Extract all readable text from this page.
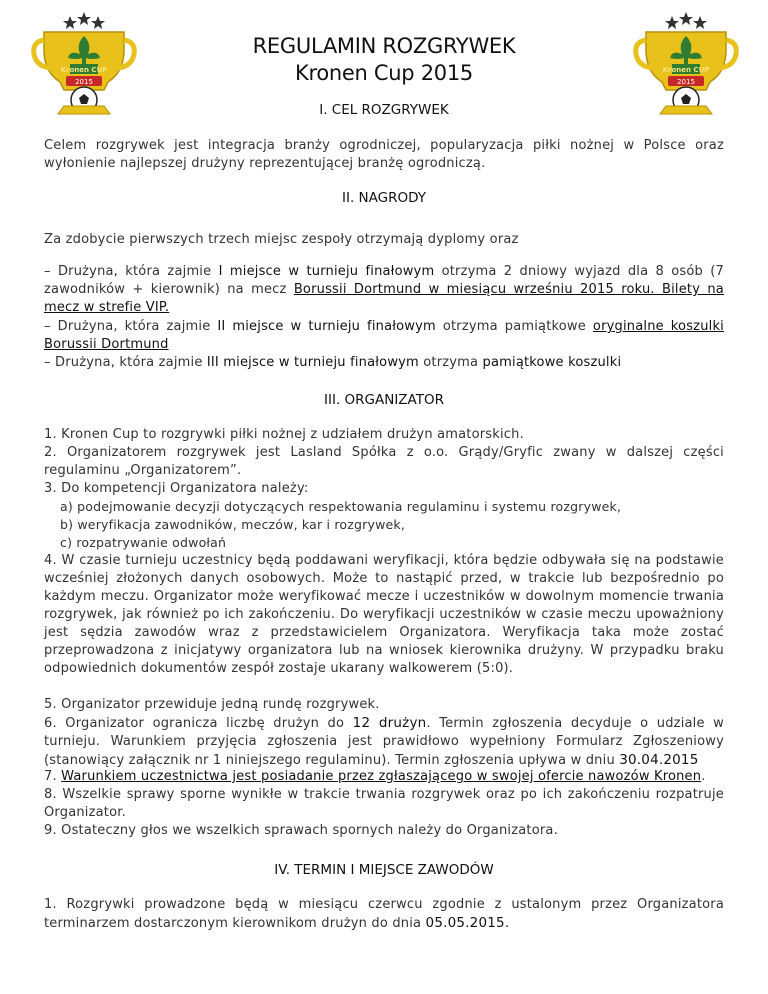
Kronen CUP
2015
Kronen CUP
2015
REGULAMIN ROZGRYWEK
Kronen Cup 2015
I. CEL ROZGRYWEK
Celem rozgrywek jest integracja branży ogrodniczej, popularyzacja piłki nożnej w Polsce oraz wyłonienie najlepszej drużyny reprezentującej branżę ogrodniczą.
II. NAGRODY
Za zdobycie pierwszych trzech miejsc zespoły otrzymają dyplomy oraz
– Drużyna, która zajmie I miejsce w turnieju finałowym otrzyma 2 dniowy wyjazd dla 8 osób (7 zawodników + kierownik) na mecz Borussii Dortmund w miesiącu wrześniu 2015 roku. Bilety na mecz w strefie VIP.
– Drużyna, która zajmie II miejsce w turnieju finałowym otrzyma pamiątkowe oryginalne koszulki Borussii Dortmund
– Drużyna, która zajmie III miejsce w turnieju finałowym otrzyma pamiątkowe koszulki
III. ORGANIZATOR
1. Kronen Cup to rozgrywki piłki nożnej z udziałem drużyn amatorskich.
2. Organizatorem rozgrywek jest Lasland Spółka z o.o. Grądy/Gryfic zwany w dalszej części regulaminu „Organizatorem”.
3. Do kompetencji Organizatora należy:
a) podejmowanie decyzji dotyczących respektowania regulaminu i systemu rozgrywek,
b) weryfikacja zawodników, meczów, kar i rozgrywek,
c) rozpatrywanie odwołań
4. W czasie turnieju uczestnicy będą poddawani weryfikacji, która będzie odbywała się na podstawie wcześniej złożonych danych osobowych. Może to nastąpić przed, w trakcie lub bezpośrednio po każdym meczu. Organizator może weryfikować mecze i uczestników w dowolnym momencie trwania rozgrywek, jak również po ich zakończeniu. Do weryfikacji uczestników w czasie meczu upoważniony jest sędzia zawodów wraz z przedstawicielem Organizatora. Weryfikacja taka może zostać przeprowadzona z inicjatywy organizatora lub na wniosek kierownika drużyny. W przypadku braku odpowiednich dokumentów zespół zostaje ukarany walkowerem (5:0).
5. Organizator przewiduje jedną rundę rozgrywek.
6. Organizator ogranicza liczbę drużyn do 12 drużyn. Termin zgłoszenia decyduje o udziale w turnieju. Warunkiem przyjęcia zgłoszenia jest prawidłowo wypełniony Formularz Zgłoszeniowy (stanowiący załącznik nr 1 niniejszego regulaminu). Termin zgłoszenia upływa w dniu 30.04.2015
7. Warunkiem uczestnictwa jest posiadanie przez zgłaszającego w swojej ofercie nawozów Kronen.
8. Wszelkie sprawy sporne wynikłe w trakcie trwania rozgrywek oraz po ich zakończeniu rozpatruje Organizator.
9. Ostateczny głos we wszelkich sprawach spornych należy do Organizatora.
IV. TERMIN I MIEJSCE ZAWODÓW
1. Rozgrywki prowadzone będą w miesiącu czerwcu zgodnie z ustalonym przez Organizatora terminarzem dostarczonym kierownikom drużyn do dnia 05.05.2015.
